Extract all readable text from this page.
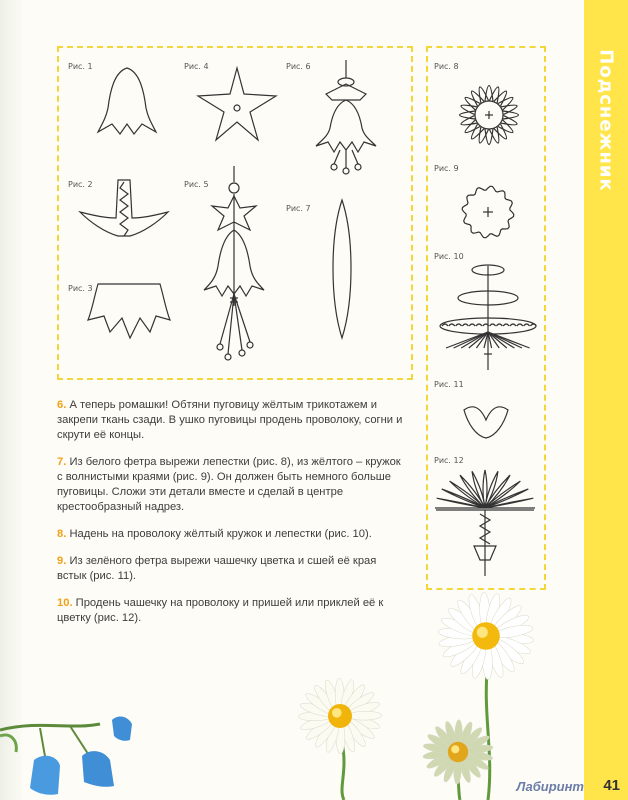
Подснежник
Рис. 1
Рис. 2
Рис. 3
Рис. 4
Рис. 5
Рис. 6
Рис. 7
Рис. 8
Рис. 9
Рис. 10
Рис. 11
Рис. 12
6. А теперь ромашки! Обтяни пуговицу жёлтым трикотажем и закрепи ткань сзади. В ушко пуговицы продень проволоку, согни и скрути её концы.
7. Из белого фетра вырежи лепестки (рис. 8), из жёлтого – кружок с волнистыми краями (рис. 9). Он должен быть немного больше пуговицы. Сложи эти детали вместе и сделай в центре крестообразный надрез.
8. Надень на проволоку жёлтый кружок и лепестки (рис. 10).
9. Из зелёного фетра вырежи чашечку цветка и сшей её края встык (рис. 11).
10. Продень чашечку на проволоку и пришей или приклей её к цветку (рис. 12).
Лабиринт 41
